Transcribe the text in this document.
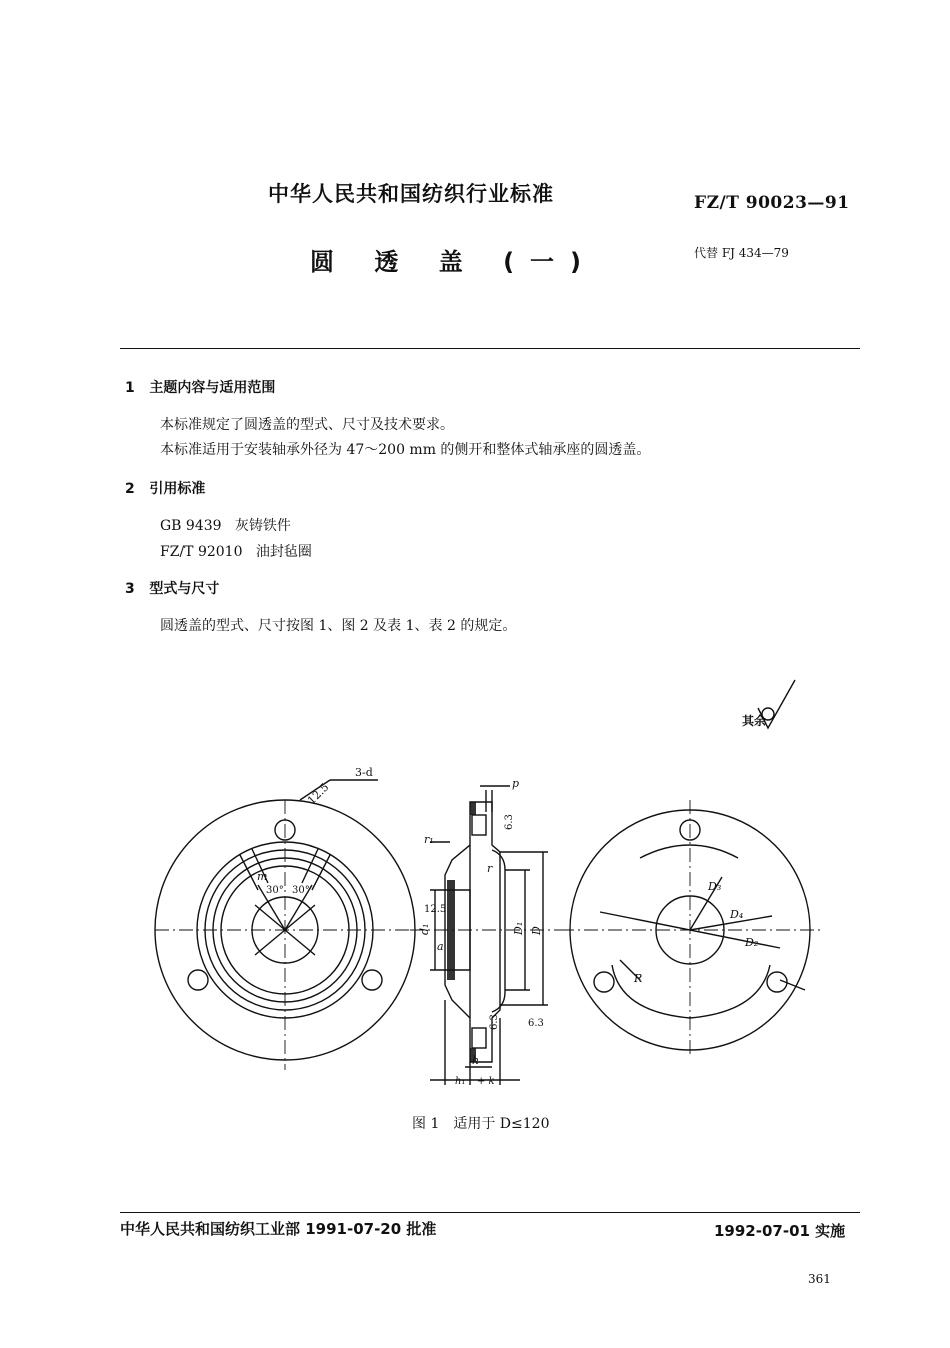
中华人民共和国纺织行业标准	FZ/T 90023—91
圆 透 盖 (一)	代替 FJ 434—79
1 主题内容与适用范围
本标准规定了圆透盖的型式、尺寸及技术要求。
本标准适用于安装轴承外径为 47～200 mm 的侧开和整体式轴承座的圆透盖。
2 引用标准
GB 9439 灰铸铁件
FZ/T 92010 油封毡圈
3 型式与尺寸
圆透盖的型式、尺寸按图 1、图 2 及表 1、表 2 的规定。
其余
12.5
3-d
m
30° 30°
p
6.3
r₁
r
12.5
d₁
a
D₁ D
6.3	6.3
h
h₁ + k
D₃
D₄
D₂
R
图 1　适用于 D≤120
中华人民共和国纺织工业部 1991-07-20 批准	1992-07-01 实施
361
